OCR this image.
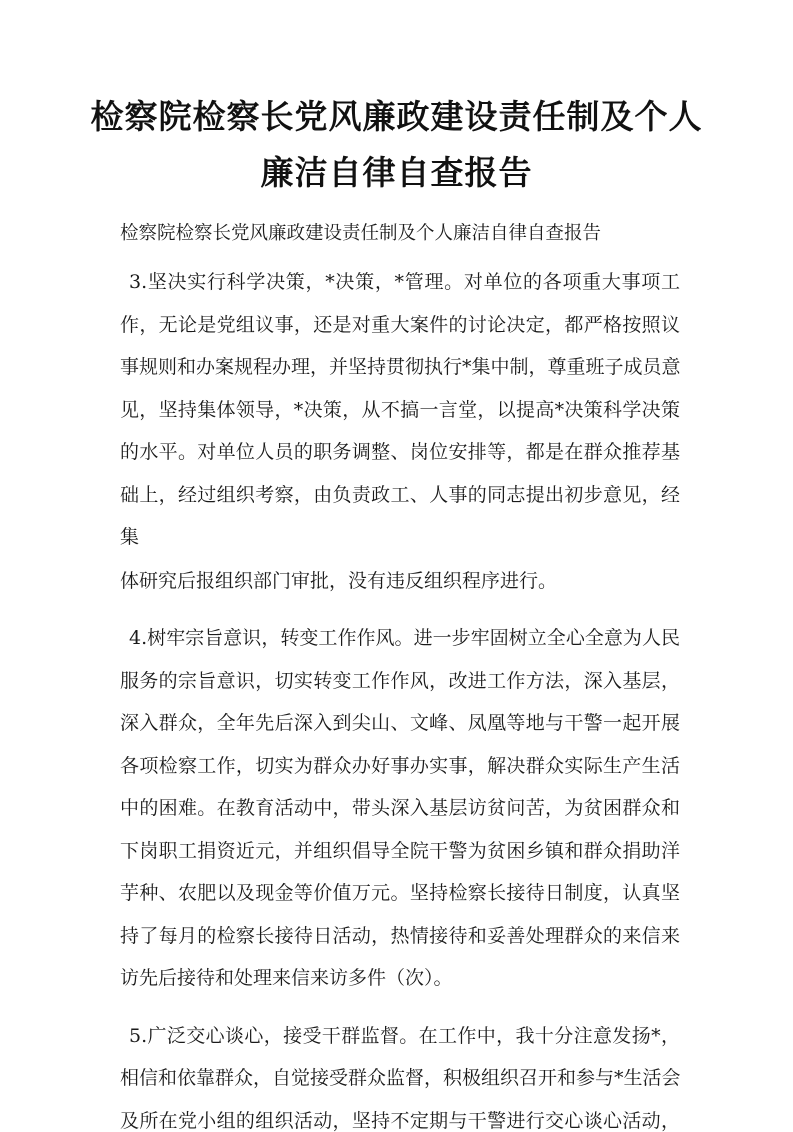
检察院检察长党风廉政建设责任制及个人
廉洁自律自查报告

检察院检察长党风廉政建设责任制及个人廉洁自律自查报告

3.坚决实行科学决策，*决策，*管理。对单位的各项重大事项工

作，无论是党组议事，还是对重大案件的讨论决定，都严格按照议

事规则和办案规程办理，并坚持贯彻执行*集中制，尊重班子成员意

见，坚持集体领导，*决策，从不搞一言堂，以提高*决策科学决策

的水平。对单位人员的职务调整、岗位安排等，都是在群众推荐基

础上，经过组织考察，由负责政工、人事的同志提出初步意见，经

集

体研究后报组织部门审批，没有违反组织程序进行。

4.树牢宗旨意识，转变工作作风。进一步牢固树立全心全意为人民

服务的宗旨意识，切实转变工作作风，改进工作方法，深入基层，

深入群众，全年先后深入到尖山、文峰、凤凰等地与干警一起开展

各项检察工作，切实为群众办好事办实事，解决群众实际生产生活

中的困难。在教育活动中，带头深入基层访贫问苦，为贫困群众和

下岗职工捐资近元，并组织倡导全院干警为贫困乡镇和群众捐助洋

芋种、农肥以及现金等价值万元。坚持检察长接待日制度，认真坚

持了每月的检察长接待日活动，热情接待和妥善处理群众的来信来

访先后接待和处理来信来访多件（次）。

5.广泛交心谈心，接受干群监督。在工作中，我十分注意发扬*，

相信和依靠群众，自觉接受群众监督，积极组织召开和参与*生活会

及所在党小组的组织活动，坚持不定期与干警进行交心谈心活动，
